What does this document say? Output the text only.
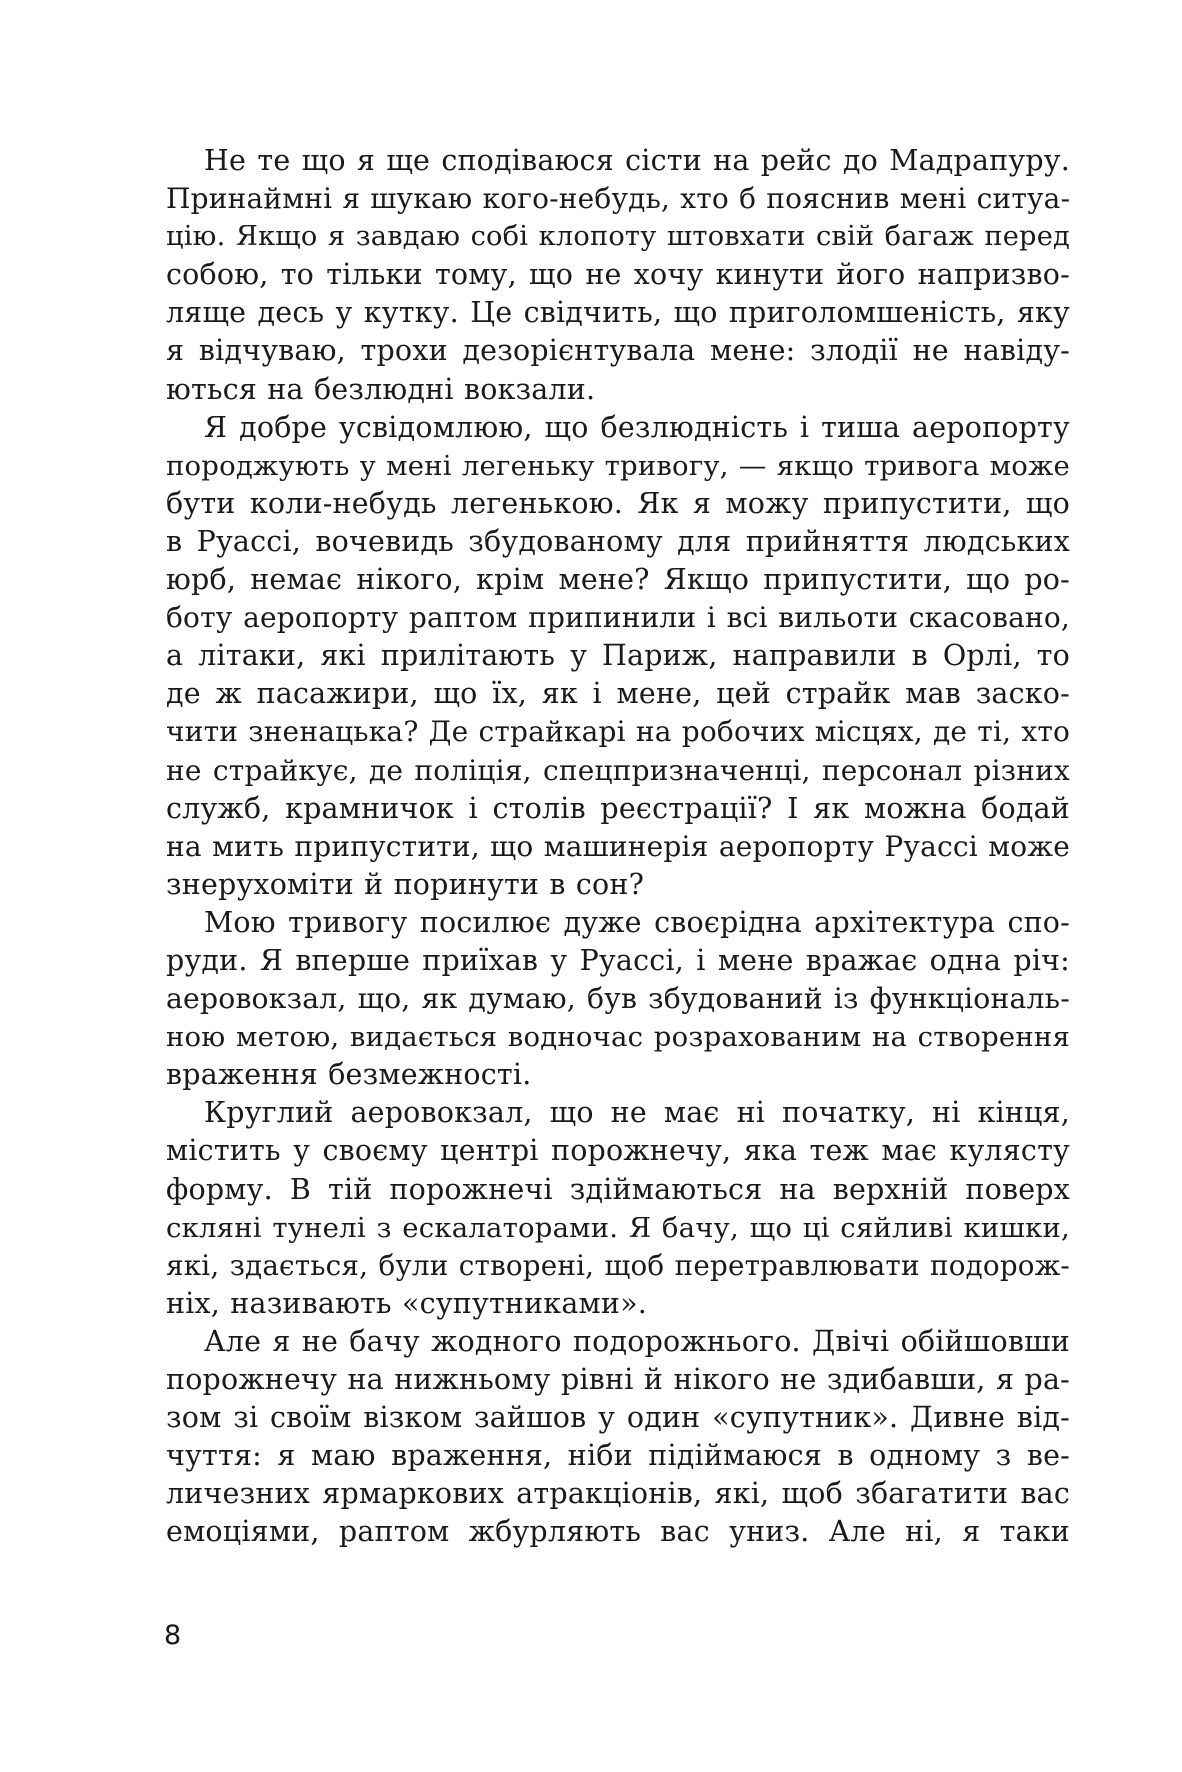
Не те що я ще сподіваюся сісти на рейс до Мадрапуру.
Принаймні я шукаю кого-небудь, хто б пояснив мені ситуа-
цію. Якщо я завдаю собі клопоту штовхати свій багаж перед
собою, то тільки тому, що не хочу кинути його напризво-
ляще десь у кутку. Це свідчить, що приголомшеність, яку
я відчуваю, трохи дезорієнтувала мене: злодії не навіду-
ються на безлюдні вокзали.
Я добре усвідомлюю, що безлюдність і тиша аеропорту
породжують у мені легеньку тривогу, — якщо тривога може
бути коли-небудь легенькою. Як я можу припустити, що
в Руассі, вочевидь збудованому для прийняття людських
юрб, немає нікого, крім мене? Якщо припустити, що ро-
боту аеропорту раптом припинили і всі вильоти скасовано,
а літаки, які прилітають у Париж, направили в Орлі, то
де ж пасажири, що їх, як і мене, цей страйк мав заско-
чити зненацька? Де страйкарі на робочих місцях, де ті, хто
не страйкує, де поліція, спецпризначенці, персонал різних
служб, крамничок і столів реєстрації? І як можна бодай
на мить припустити, що машинерія аеропорту Руассі може
знерухоміти й поринути в сон?
Мою тривогу посилює дуже своєрідна архітектура спо-
руди. Я вперше приїхав у Руассі, і мене вражає одна річ:
аеровокзал, що, як думаю, був збудований із функціональ-
ною метою, видається водночас розрахованим на створення
враження безмежності.
Круглий аеровокзал, що не має ні початку, ні кінця,
містить у своєму центрі порожнечу, яка теж має кулясту
форму. В тій порожнечі здіймаються на верхній поверх
скляні тунелі з ескалаторами. Я бачу, що ці сяйливі кишки,
які, здається, були створені, щоб перетравлювати подорож-
ніх, називають «супутниками».
Але я не бачу жодного подорожнього. Двічі обійшовши
порожнечу на нижньому рівні й нікого не здибавши, я ра-
зом зі своїм візком зайшов у один «супутник». Дивне від-
чуття: я маю враження, ніби підіймаюся в одному з ве-
личезних ярмаркових атракціонів, які, щоб збагатити вас
емоціями, раптом жбурляють вас униз. Але ні, я таки
8
